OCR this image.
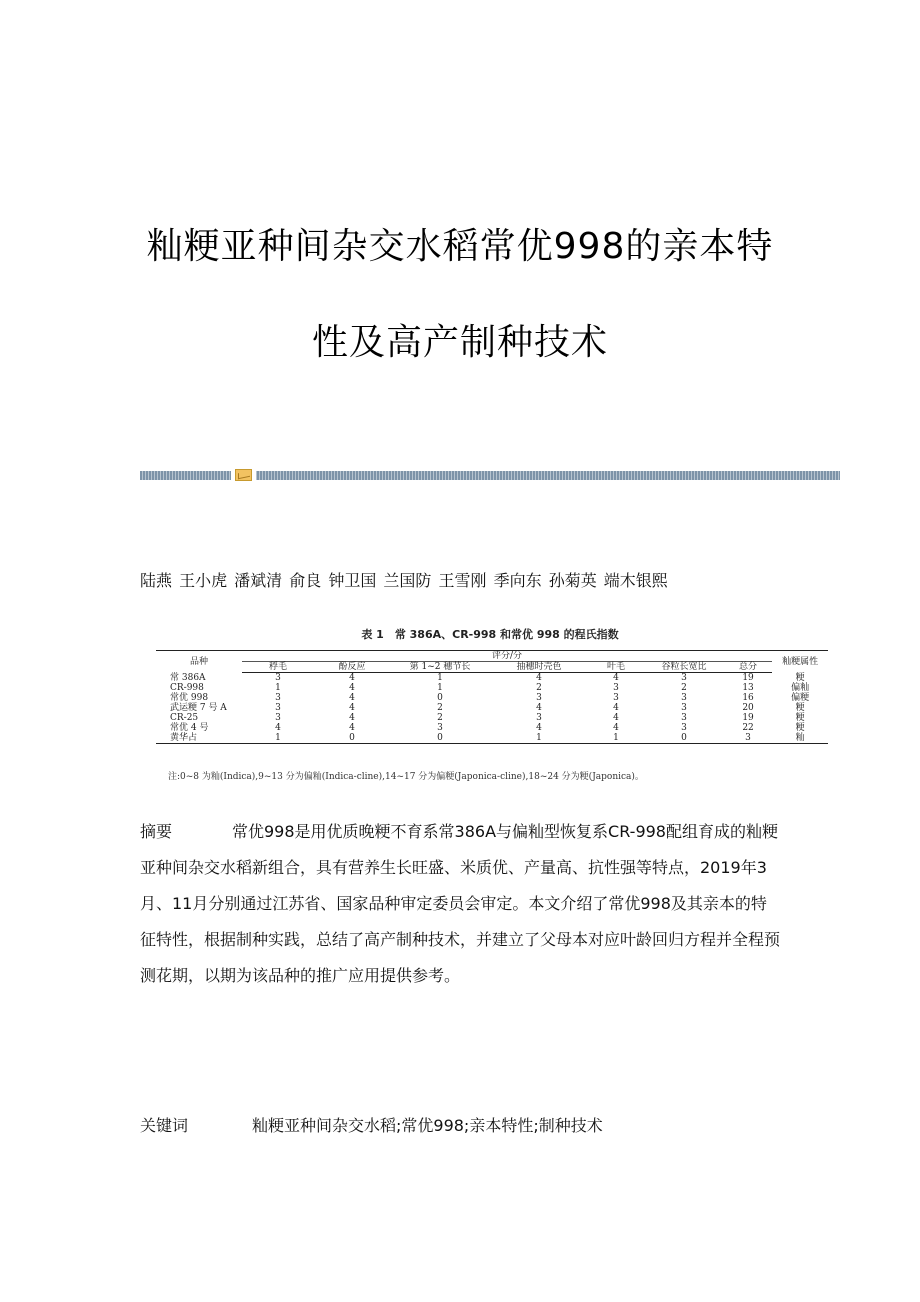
籼粳亚种间杂交水稻常优998的亲本特
性及高产制种技术
陆燕 王小虎 潘斌清 俞良 钟卫国 兰国防 王雪刚 季向东 孙菊英 端木银熙
表 1　常 386A、CR-998 和常优 998 的程氏指数
品种	评分/分							籼粳属性
	稃毛	酚反应	第 1~2 穗节长	抽穗时壳色	叶毛	谷粒长宽比	总分	
常 386A	3	4	1	4	4	3	19	粳
CR-998	1	4	1	2	3	2	13	偏籼
常优 998	3	4	0	3	3	3	16	偏粳
武运粳 7 号 A	3	4	2	4	4	3	20	粳
CR-25	3	4	2	3	4	3	19	粳
常优 4 号	4	4	3	4	4	3	22	粳
黄华占	1	0	0	1	1	0	3	籼
注:0~8 为籼(Indica),9~13 分为偏籼(Indica-cline),14~17 分为偏粳(Japonica-cline),18~24 分为粳(Japonica)。
摘要	常优998是用优质晚粳不育系常386A与偏籼型恢复系CR-998配组育成的籼粳亚种间杂交水稻新组合，具有营养生长旺盛、米质优、产量高、抗性强等特点，2019年3月、11月分别通过江苏省、国家品种审定委员会审定。本文介绍了常优998及其亲本的特征特性，根据制种实践，总结了高产制种技术，并建立了父母本对应叶龄回归方程并全程预测花期，以期为该品种的推广应用提供参考。
关键词	籼粳亚种间杂交水稻;常优998;亲本特性;制种技术
